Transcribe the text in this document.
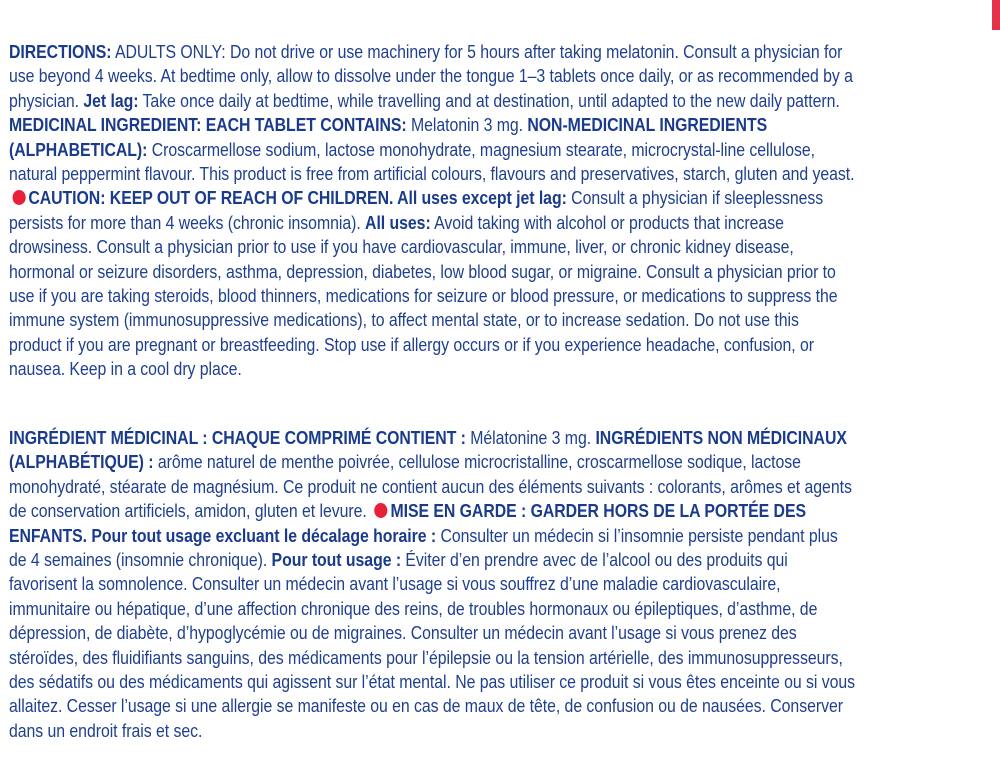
DIRECTIONS: ADULTS ONLY: Do not drive or use machinery for 5 hours after taking melatonin. Consult a physician for use beyond 4 weeks. At bedtime only, allow to dissolve under the tongue 1–3 tablets once daily, or as recommended by a physician. Jet lag: Take once daily at bedtime, while travelling and at destination, until adapted to the new daily pattern. MEDICINAL INGREDIENT: EACH TABLET CONTAINS: Melatonin 3 mg. NON-MEDICINAL INGREDIENTS (ALPHABETICAL): Croscarmellose sodium, lactose monohydrate, magnesium stearate, microcrystal-line cellulose, natural peppermint flavour. This product is free from artificial colours, flavours and preservatives, starch, gluten and yeast. CAUTION: KEEP OUT OF REACH OF CHILDREN. All uses except jet lag: Consult a physician if sleeplessness persists for more than 4 weeks (chronic insomnia). All uses: Avoid taking with alcohol or products that increase drowsiness. Consult a physician prior to use if you have cardiovascular, immune, liver, or chronic kidney disease, hormonal or seizure disorders, asthma, depression, diabetes, low blood sugar, or migraine. Consult a physician prior to use if you are taking steroids, blood thinners, medications for seizure or blood pressure, or medications to suppress the immune system (immunosuppressive medications), to affect mental state, or to increase sedation. Do not use this product if you are pregnant or breastfeeding. Stop use if allergy occurs or if you experience headache, confusion, or nausea. Keep in a cool dry place.
INGRÉDIENT MÉDICINAL : CHAQUE COMPRIMÉ CONTIENT : Mélatonine 3 mg. INGRÉDIENTS NON MÉDICINAUX (ALPHABÉTIQUE) : arôme naturel de menthe poivrée, cellulose microcristalline, croscarmellose sodique, lactose monohydraté, stéarate de magnésium. Ce produit ne contient aucun des éléments suivants : colorants, arômes et agents de conservation artificiels, amidon, gluten et levure. MISE EN GARDE : GARDER HORS DE LA PORTÉE DES ENFANTS. Pour tout usage excluant le décalage horaire : Consulter un médecin si l’insomnie persiste pendant plus de 4 semaines (insomnie chronique). Pour tout usage : Éviter d’en prendre avec de l’alcool ou des produits qui favorisent la somnolence. Consulter un médecin avant l’usage si vous souffrez d’une maladie cardiovasculaire, immunitaire ou hépatique, d’une affection chronique des reins, de troubles hormonaux ou épileptiques, d’asthme, de dépression, de diabète, d’hypoglycémie ou de migraines. Consulter un médecin avant l’usage si vous prenez des stéroïdes, des fluidifiants sanguins, des médicaments pour l’épilepsie ou la tension artérielle, des immunosuppresseurs, des sédatifs ou des médicaments qui agissent sur l’état mental. Ne pas utiliser ce produit si vous êtes enceinte ou si vous allaitez. Cesser l’usage si une allergie se manifeste ou en cas de maux de tête, de confusion ou de nausées. Conserver dans un endroit frais et sec.
